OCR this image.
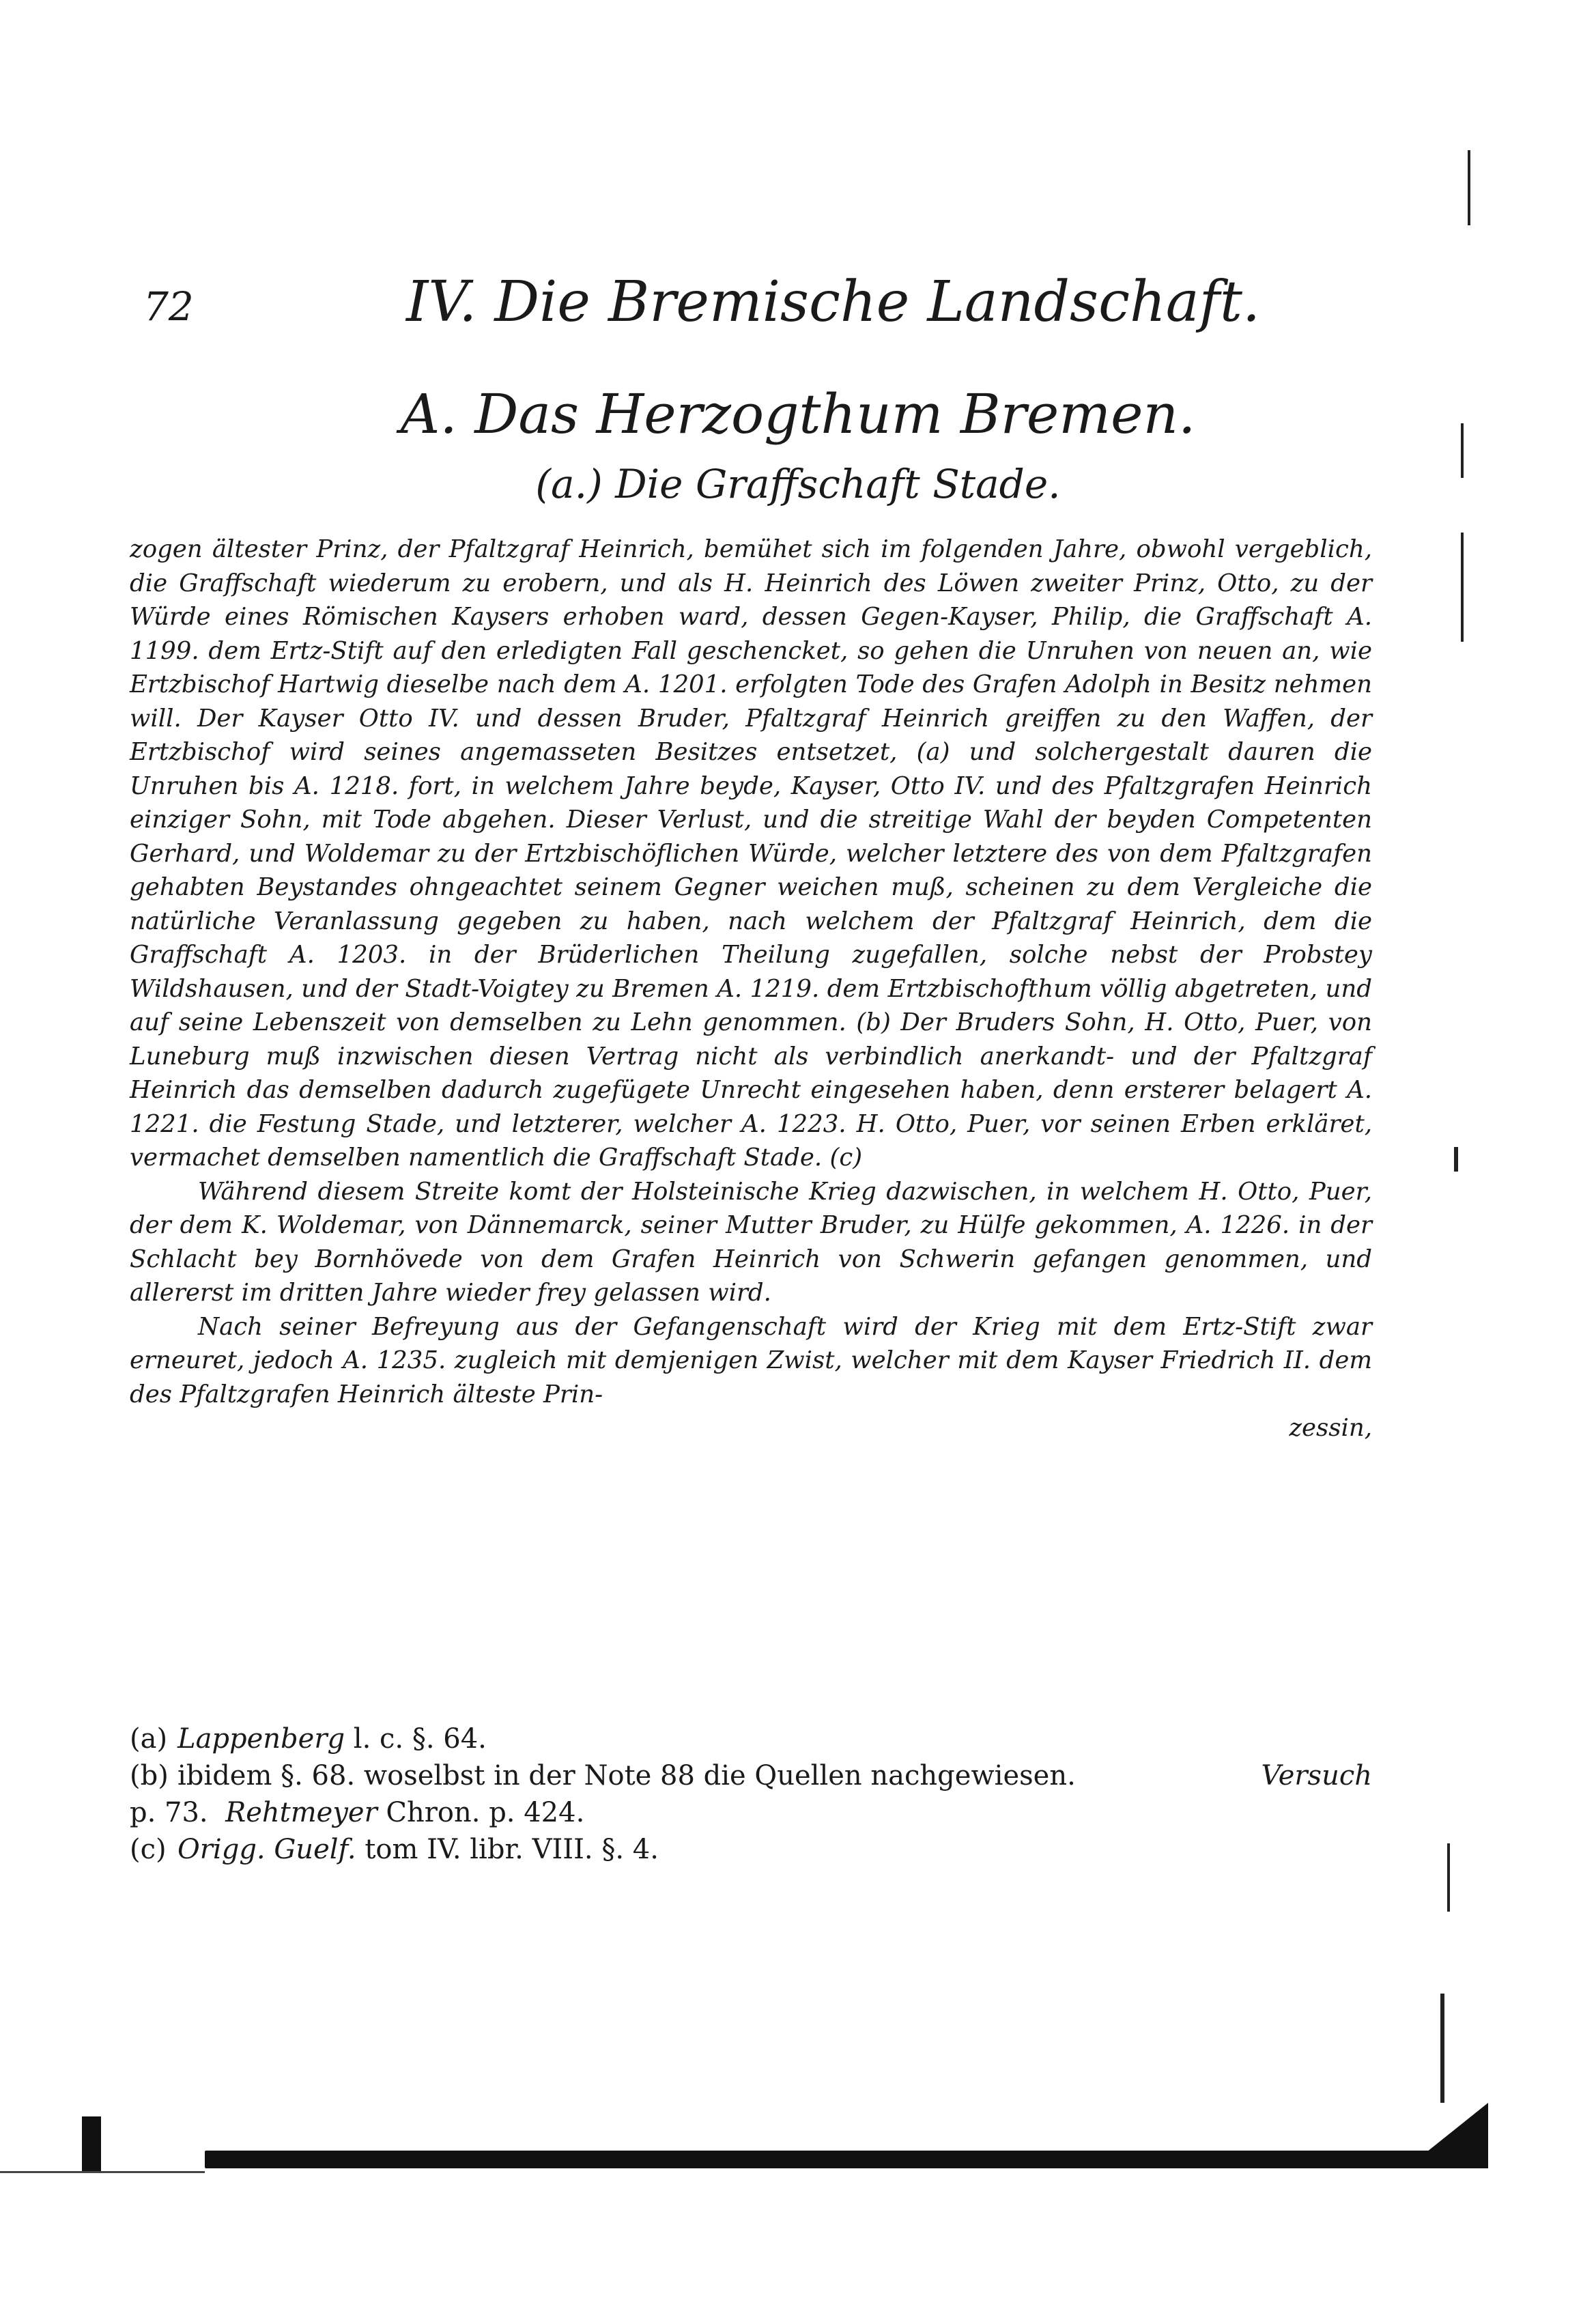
72	IV. Die Bremische Landschaft.
A. Das Herzogthum Bremen.
(a.) Die Graffschaft Stade.

zogen ältester Prinz, der Pfaltzgraf Heinrich, bemühet sich im folgenden Jahre, obwohl vergeblich, die Graffschaft wiederum zu erobern, und als H. Heinrich des Löwen zweiter Prinz, Otto, zu der Würde eines Römischen Kaysers erhoben ward, dessen Gegen-Kayser, Philip, die Graffschaft A. 1199. dem Ertz-Stift auf den erledigten Fall geschencket, so gehen die Unruhen von neuen an, wie Ertzbischof Hartwig dieselbe nach dem A. 1201. erfolgten Tode des Grafen Adolph in Besitz nehmen will. Der Kayser Otto IV. und dessen Bruder, Pfaltzgraf Heinrich greiffen zu den Waffen, der Ertzbischof wird seines angemasseten Besitzes entsetzet, (a) und solchergestalt dauren die Unruhen bis A. 1218. fort, in welchem Jahre beyde, Kayser, Otto IV. und des Pfaltzgrafen Heinrich einziger Sohn, mit Tode abgehen. Dieser Verlust, und die streitige Wahl der beyden Competenten Gerhard, und Woldemar zu der Ertzbischöflichen Würde, welcher letztere des von dem Pfaltzgrafen gehabten Beystandes ohngeachtet seinem Gegner weichen muß, scheinen zu dem Vergleiche die natürliche Veranlassung gegeben zu haben, nach welchem der Pfaltzgraf Heinrich, dem die Graffschaft A. 1203. in der Brüderlichen Theilung zugefallen, solche nebst der Probstey Wildshausen, und der Stadt-Voigtey zu Bremen A. 1219. dem Ertzbischofthum völlig abgetreten, und auf seine Lebenszeit von demselben zu Lehn genommen. (b) Der Bruders Sohn, H. Otto, Puer, von Luneburg muß inzwischen diesen Vertrag nicht als verbindlich anerkandt- und der Pfaltzgraf Heinrich das demselben dadurch zugefügete Unrecht eingesehen haben, denn ersterer belagert A. 1221. die Festung Stade, und letzterer, welcher A. 1223. H. Otto, Puer, vor seinen Erben erkläret, vermachet demselben namentlich die Graffschaft Stade. (c)

Während diesem Streite komt der Holsteinische Krieg dazwischen, in welchem H. Otto, Puer, der dem K. Woldemar, von Dännemarck, seiner Mutter Bruder, zu Hülfe gekommen, A. 1226. in der Schlacht bey Bornhövede von dem Grafen Heinrich von Schwerin gefangen genommen, und allererst im dritten Jahre wieder frey gelassen wird.

Nach seiner Befreyung aus der Gefangenschaft wird der Krieg mit dem Ertz-Stift zwar erneuret, jedoch A. 1235. zugleich mit demjenigen Zwist, welcher mit dem Kayser Friedrich II. dem des Pfaltzgrafen Heinrich älteste Prin-

zessin,

(a) Lappenberg l. c. §. 64.
(b) ibidem §. 68. woselbst in der Note 88 die Quellen nachgewiesen.	Versuch
p. 73. Rehtmeyer Chron. p. 424.
(c) Origg. Guelf. tom IV. libr. VIII. §. 4.
